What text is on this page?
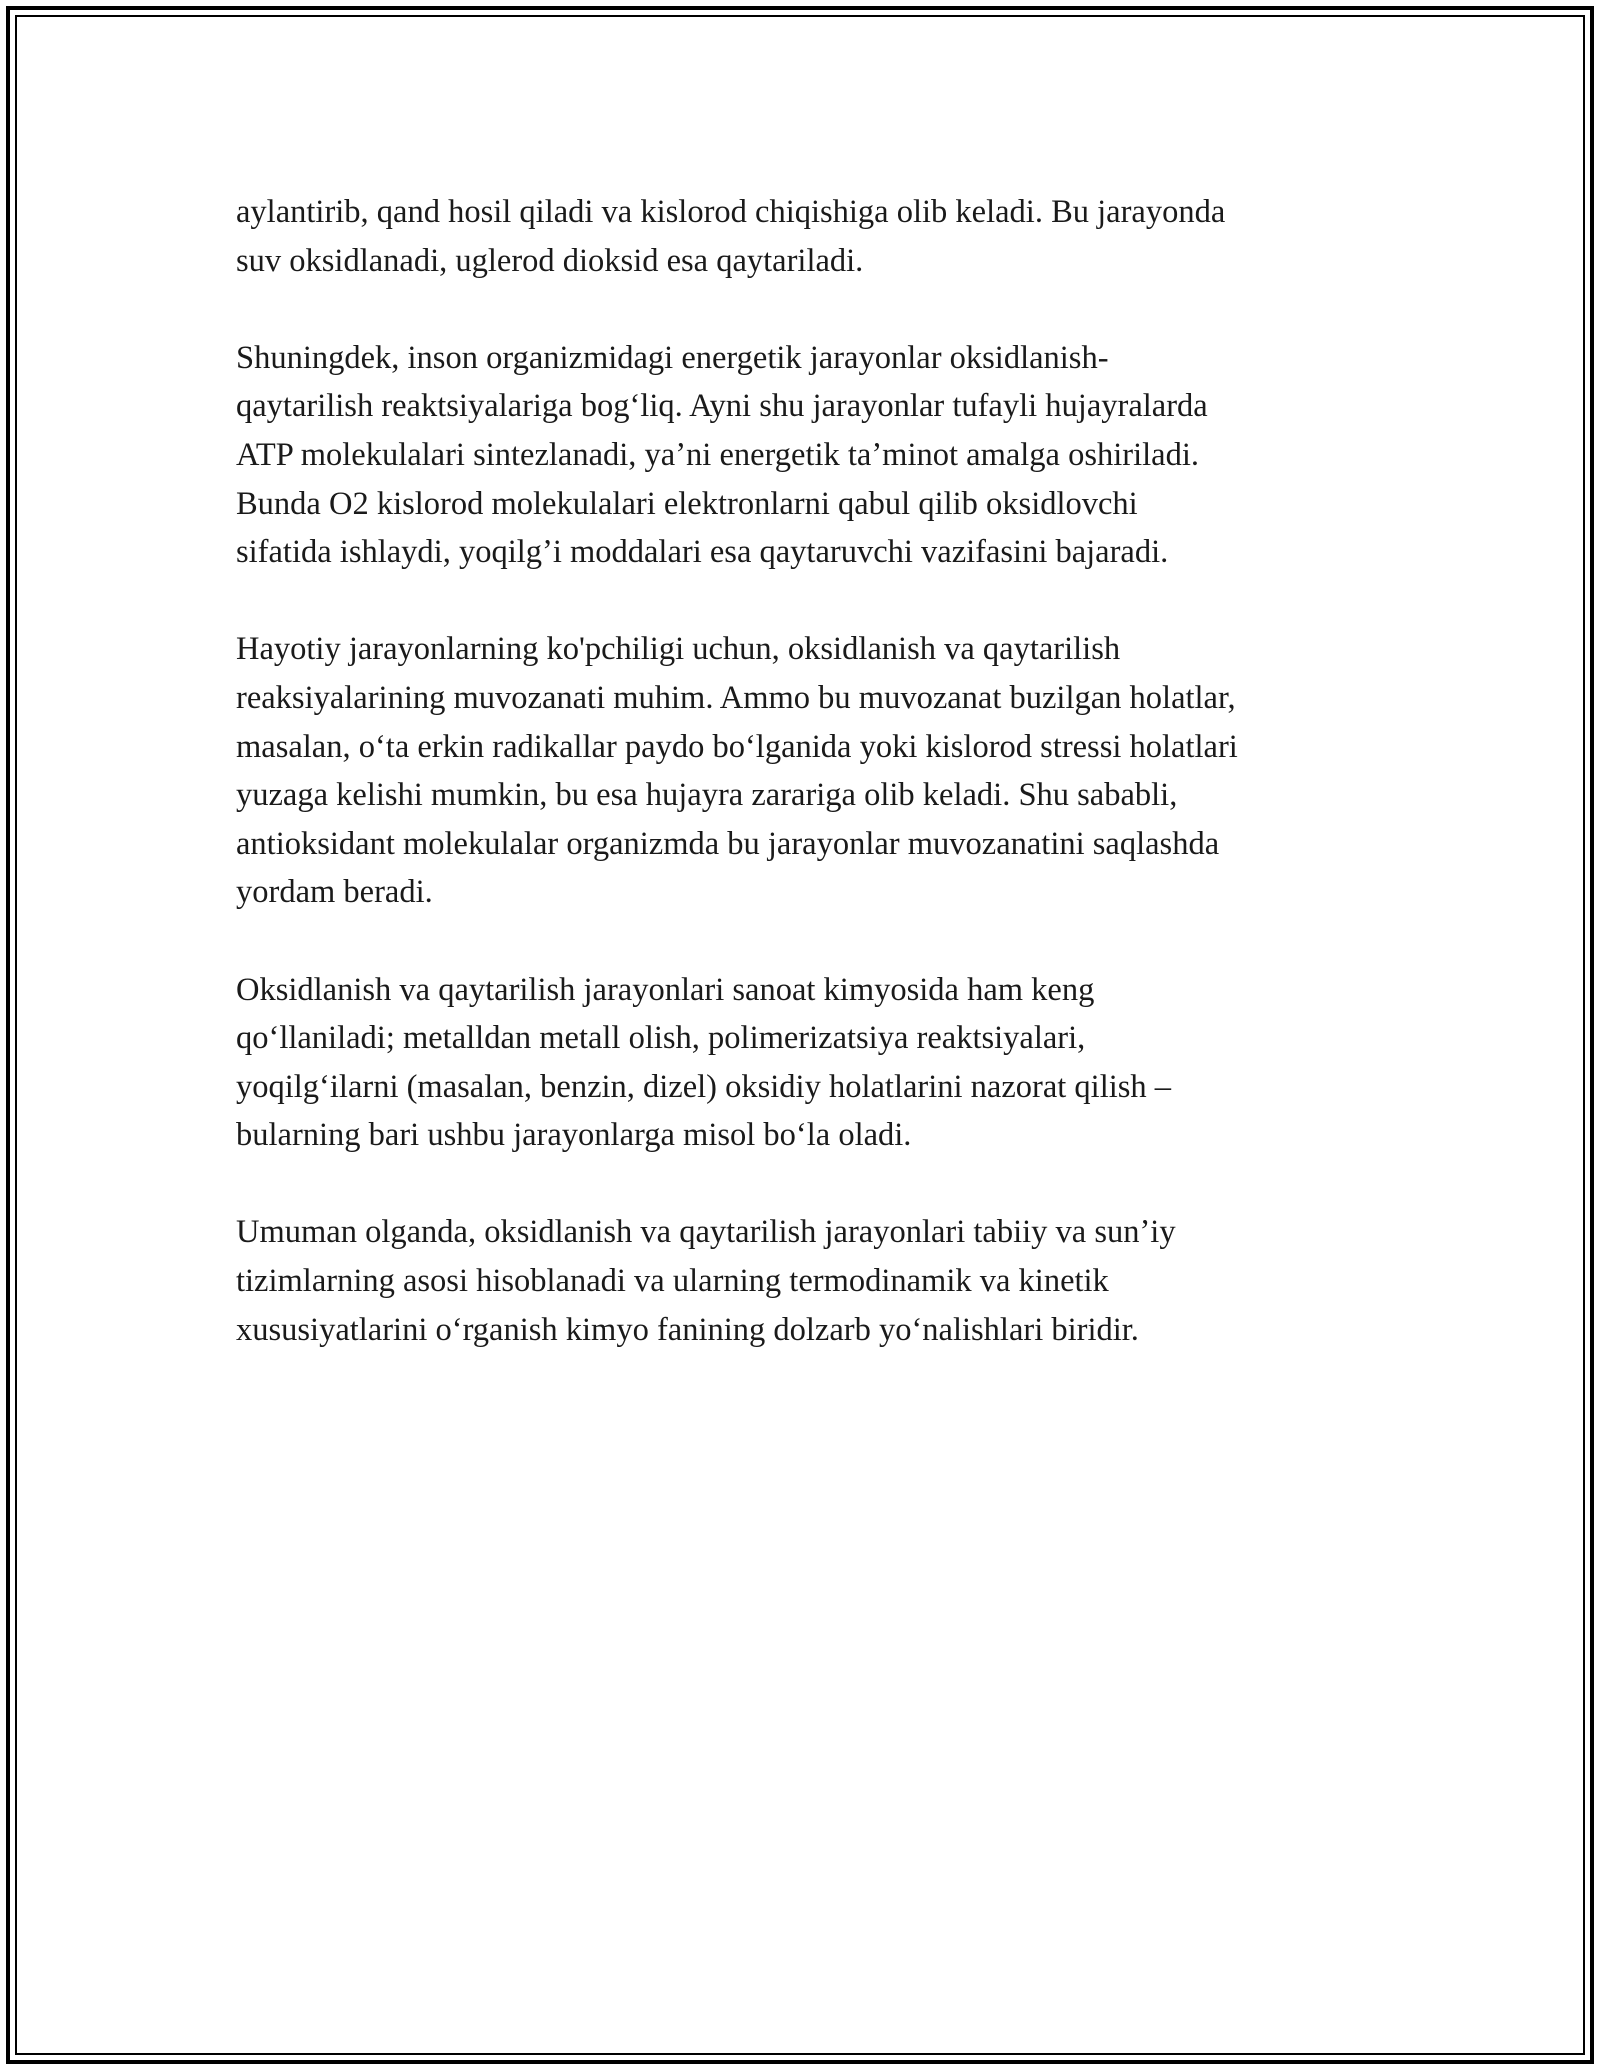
aylantirib, qand hosil qiladi va kislorod chiqishiga olib keladi. Bu jarayonda
suv oksidlanadi, uglerod dioksid esa qaytariladi.

Shuningdek, inson organizmidagi energetik jarayonlar oksidlanish-
qaytarilish reaktsiyalariga bogʻliq. Ayni shu jarayonlar tufayli hujayralarda
ATP molekulalari sintezlanadi, yaʼni energetik taʼminot amalga oshiriladi.
Bunda O2 kislorod molekulalari elektronlarni qabul qilib oksidlovchi
sifatida ishlaydi, yoqilgʼi moddalari esa qaytaruvchi vazifasini bajaradi.

Hayotiy jarayonlarning ko'pchiligi uchun, oksidlanish va qaytarilish
reaksiyalarining muvozanati muhim. Ammo bu muvozanat buzilgan holatlar,
masalan, oʻta erkin radikallar paydo boʻlganida yoki kislorod stressi holatlari
yuzaga kelishi mumkin, bu esa hujayra zarariga olib keladi. Shu sababli,
antioksidant molekulalar organizmda bu jarayonlar muvozanatini saqlashda
yordam beradi.

Oksidlanish va qaytarilish jarayonlari sanoat kimyosida ham keng
qoʻllaniladi; metalldan metall olish, polimerizatsiya reaktsiyalari,
yoqilgʻilarni (masalan, benzin, dizel) oksidiy holatlarini nazorat qilish –
bularning bari ushbu jarayonlarga misol boʻla oladi.

Umuman olganda, oksidlanish va qaytarilish jarayonlari tabiiy va sunʼiy
tizimlarning asosi hisoblanadi va ularning termodinamik va kinetik
xususiyatlarini oʻrganish kimyo fanining dolzarb yoʻnalishlari biridir.
